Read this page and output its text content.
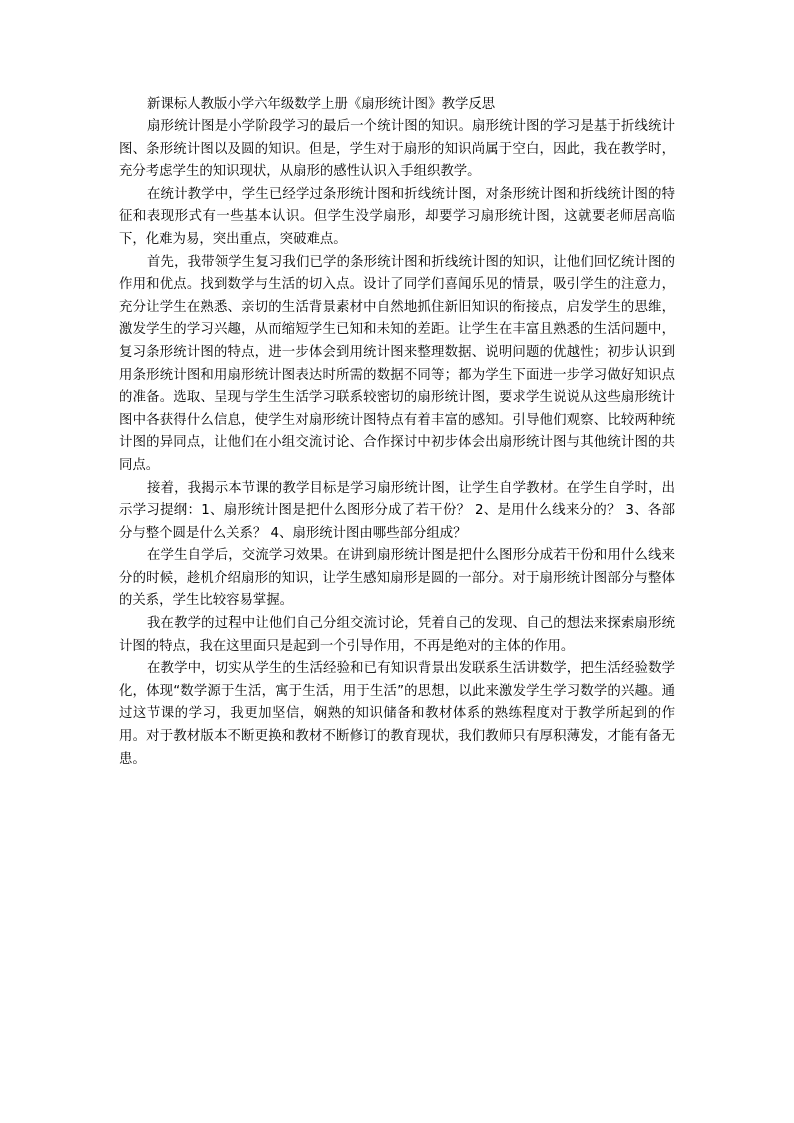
新课标人教版小学六年级数学上册《扇形统计图》教学反思

扇形统计图是小学阶段学习的最后一个统计图的知识。扇形统计图的学习是基于折线统计图、条形统计图以及圆的知识。但是，学生对于扇形的知识尚属于空白，因此，我在教学时，充分考虑学生的知识现状，从扇形的感性认识入手组织教学。

在统计教学中，学生已经学过条形统计图和折线统计图，对条形统计图和折线统计图的特征和表现形式有一些基本认识。但学生没学扇形，却要学习扇形统计图，这就要老师居高临下，化难为易，突出重点，突破难点。

首先，我带领学生复习我们已学的条形统计图和折线统计图的知识，让他们回忆统计图的作用和优点。找到数学与生活的切入点。设计了同学们喜闻乐见的情景，吸引学生的注意力，充分让学生在熟悉、亲切的生活背景素材中自然地抓住新旧知识的衔接点，启发学生的思维，激发学生的学习兴趣，从而缩短学生已知和未知的差距。让学生在丰富且熟悉的生活问题中，复习条形统计图的特点，进一步体会到用统计图来整理数据、说明问题的优越性；初步认识到用条形统计图和用扇形统计图表达时所需的数据不同等；都为学生下面进一步学习做好知识点的准备。选取、呈现与学生生活学习联系较密切的扇形统计图，要求学生说说从这些扇形统计图中各获得什么信息，使学生对扇形统计图特点有着丰富的感知。引导他们观察、比较两种统计图的异同点，让他们在小组交流讨论、合作探讨中初步体会出扇形统计图与其他统计图的共同点。

接着，我揭示本节课的教学目标是学习扇形统计图，让学生自学教材。在学生自学时，出示学习提纲：1、扇形统计图是把什么图形分成了若干份？ 2、是用什么线来分的？ 3、各部分与整个圆是什么关系？ 4、扇形统计图由哪些部分组成？

在学生自学后，交流学习效果。在讲到扇形统计图是把什么图形分成若干份和用什么线来分的时候，趁机介绍扇形的知识，让学生感知扇形是圆的一部分。对于扇形统计图部分与整体的关系，学生比较容易掌握。

我在教学的过程中让他们自己分组交流讨论，凭着自己的发现、自己的想法来探索扇形统计图的特点，我在这里面只是起到一个引导作用，不再是绝对的主体的作用。

在教学中，切实从学生的生活经验和已有知识背景出发联系生活讲数学，把生活经验数学化，体现“数学源于生活，寓于生活，用于生活”的思想，以此来激发学生学习数学的兴趣。通过这节课的学习，我更加坚信，娴熟的知识储备和教材体系的熟练程度对于教学所起到的作用。对于教材版本不断更换和教材不断修订的教育现状，我们教师只有厚积薄发，才能有备无患。
